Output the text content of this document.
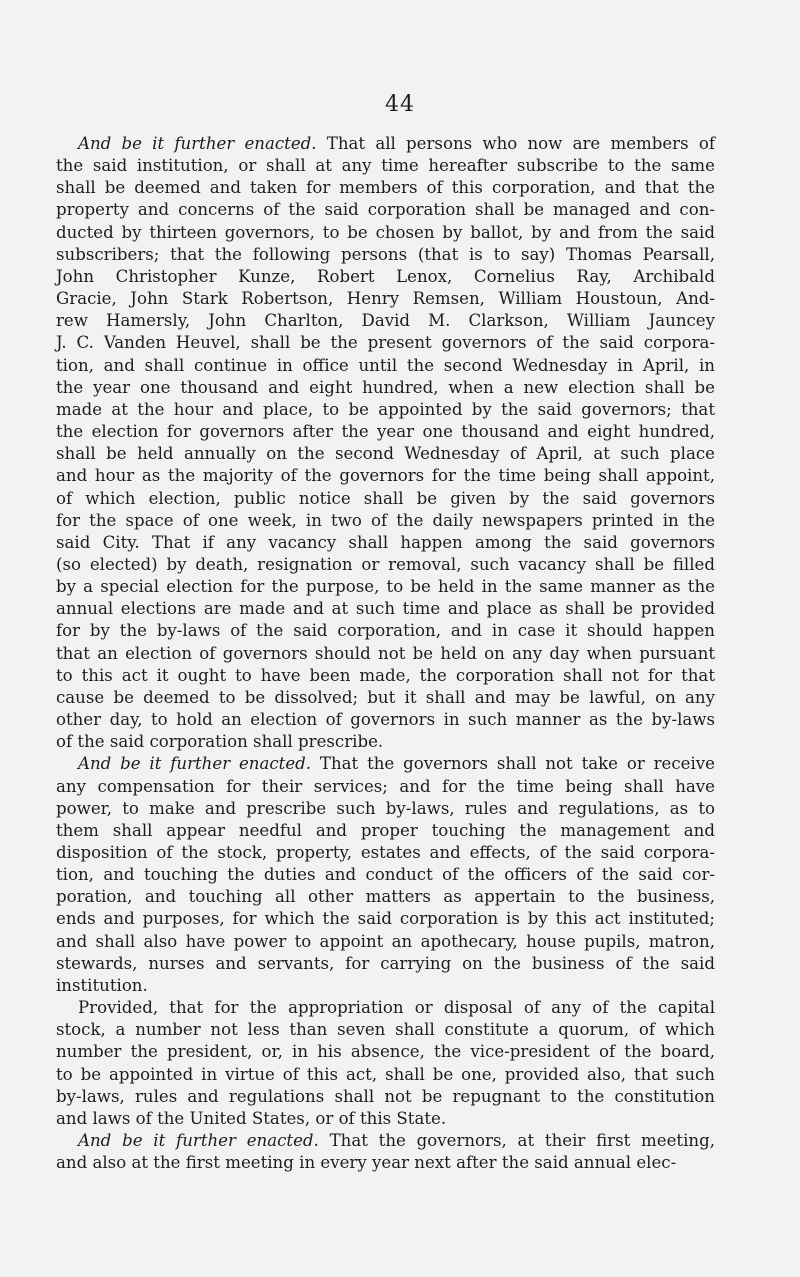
44
And be it further enacted. That all persons who now are members of
the said institution, or shall at any time hereafter subscribe to the same
shall be deemed and taken for members of this corporation, and that the
property and concerns of the said corporation shall be managed and con-
ducted by thirteen governors, to be chosen by ballot, by and from the said
subscribers; that the following persons (that is to say) Thomas Pearsall,
John Christopher Kunze, Robert Lenox, Cornelius Ray, Archibald
Gracie, John Stark Robertson, Henry Remsen, William Houstoun, And-
rew Hamersly, John Charlton, David M. Clarkson, William Jauncey
J. C. Vanden Heuvel, shall be the present governors of the said corpora-
tion, and shall continue in office until the second Wednesday in April, in
the year one thousand and eight hundred, when a new election shall be
made at the hour and place, to be appointed by the said governors; that
the election for governors after the year one thousand and eight hundred,
shall be held annually on the second Wednesday of April, at such place
and hour as the majority of the governors for the time being shall appoint,
of which election, public notice shall be given by the said governors
for the space of one week, in two of the daily newspapers printed in the
said City. That if any vacancy shall happen among the said governors
(so elected) by death, resignation or removal, such vacancy shall be filled
by a special election for the purpose, to be held in the same manner as the
annual elections are made and at such time and place as shall be provided
for by the by-laws of the said corporation, and in case it should happen
that an election of governors should not be held on any day when pursuant
to this act it ought to have been made, the corporation shall not for that
cause be deemed to be dissolved; but it shall and may be lawful, on any
other day, to hold an election of governors in such manner as the by-laws
of the said corporation shall prescribe.
And be it further enacted. That the governors shall not take or receive
any compensation for their services; and for the time being shall have
power, to make and prescribe such by-laws, rules and regulations, as to
them shall appear needful and proper touching the management and
disposition of the stock, property, estates and effects, of the said corpora-
tion, and touching the duties and conduct of the officers of the said cor-
poration, and touching all other matters as appertain to the business,
ends and purposes, for which the said corporation is by this act instituted;
and shall also have power to appoint an apothecary, house pupils, matron,
stewards, nurses and servants, for carrying on the business of the said
institution.
Provided, that for the appropriation or disposal of any of the capital
stock, a number not less than seven shall constitute a quorum, of which
number the president, or, in his absence, the vice-president of the board,
to be appointed in virtue of this act, shall be one, provided also, that such
by-laws, rules and regulations shall not be repugnant to the constitution
and laws of the United States, or of this State.
And be it further enacted. That the governors, at their first meeting,
and also at the first meeting in every year next after the said annual elec-
